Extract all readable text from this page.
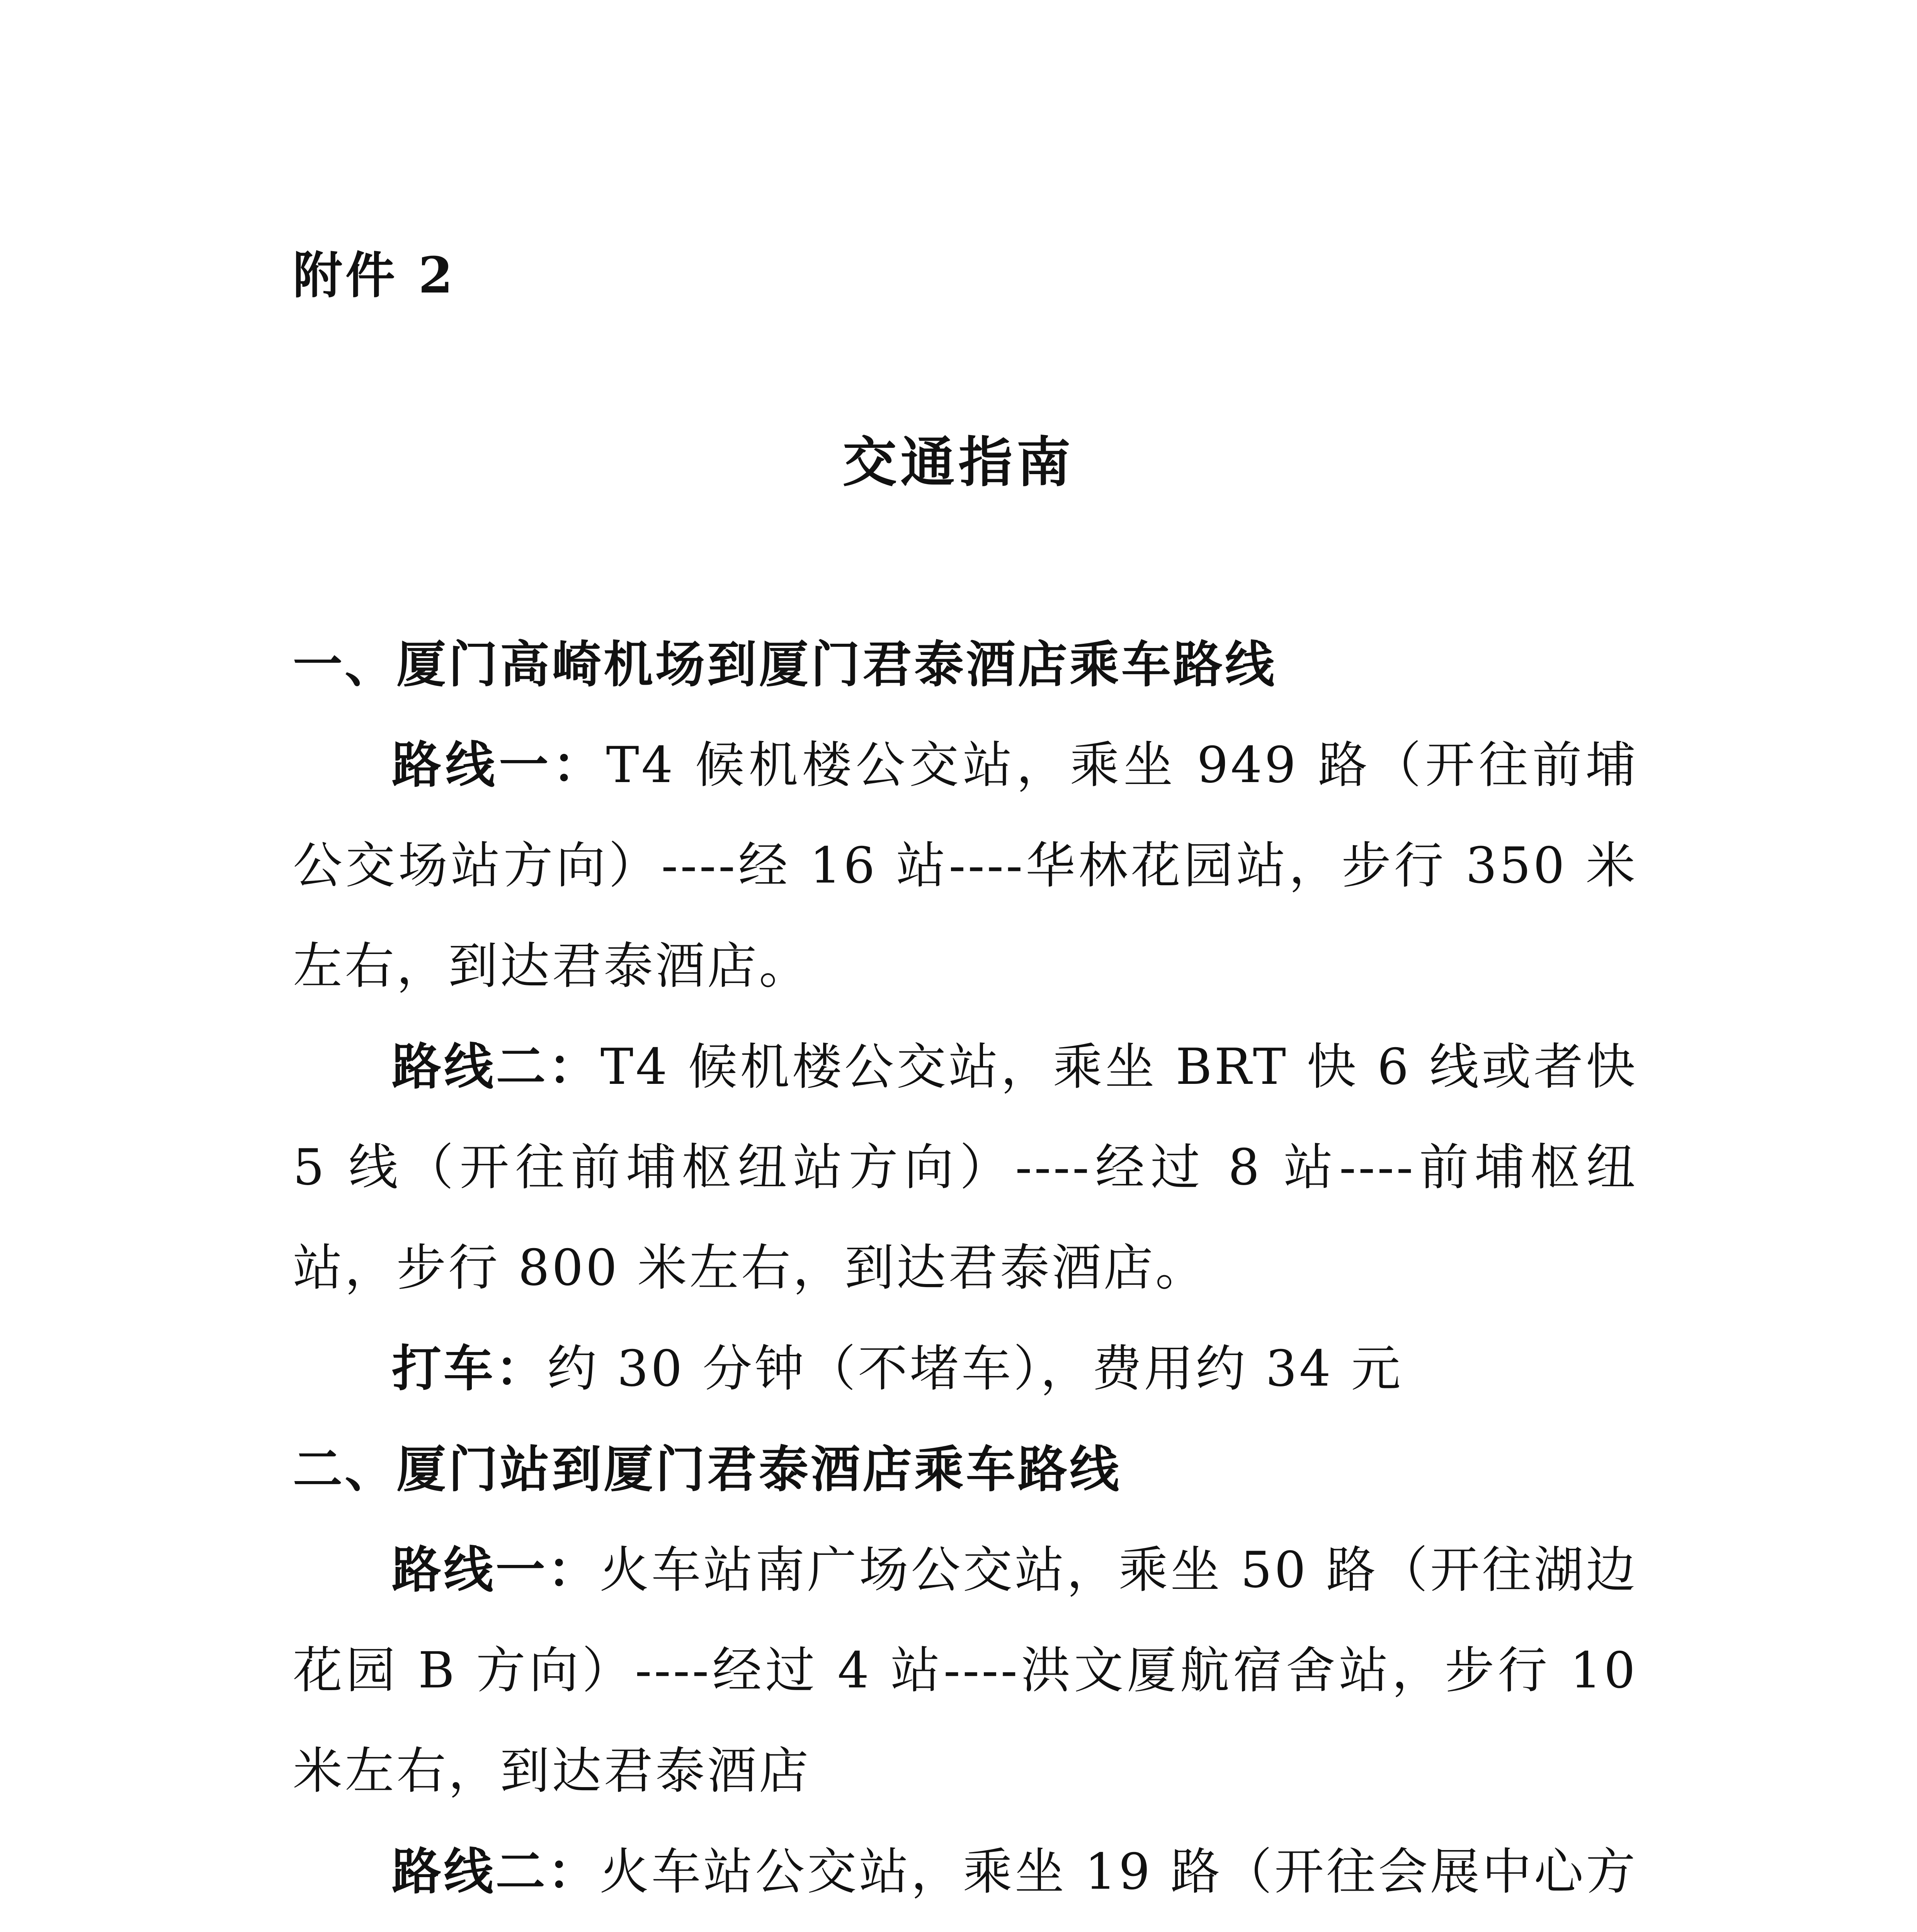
附件 2
交通指南

一、厦门高崎机场到厦门君泰酒店乘车路线

路线一：T4 候机楼公交站，乘坐 949 路（开往前埔公交场站方向）----经 16 站----华林花园站，步行 350 米左右，到达君泰酒店。

路线二：T4 候机楼公交站，乘坐 BRT 快 6 线或者快 5 线（开往前埔枢纽站方向）----经过 8 站----前埔枢纽站，步行 800 米左右，到达君泰酒店。

打车：约 30 分钟（不堵车），费用约 34 元

二、厦门站到厦门君泰酒店乘车路线

路线一：火车站南广场公交站，乘坐 50 路（开往湖边花园 B 方向）----经过 4 站----洪文厦航宿舍站，步行 10 米左右，到达君泰酒店

路线二：火车站公交站，乘坐 19 路（开往会展中心方
